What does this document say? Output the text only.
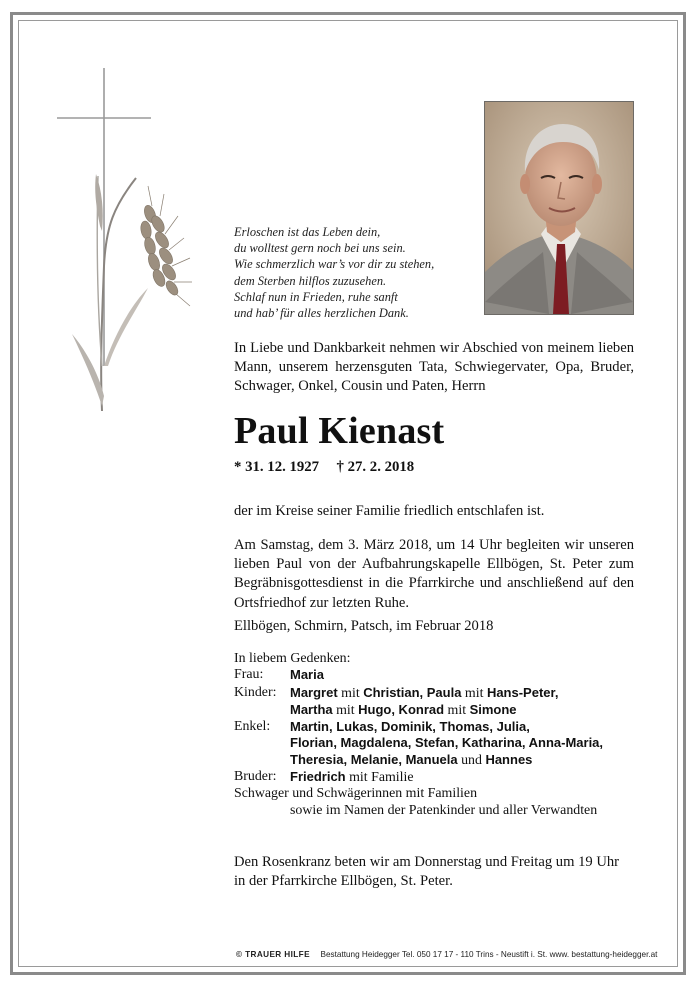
Erloschen ist das Leben dein,
du wolltest gern noch bei uns sein.
Wie schmerzlich war’s vor dir zu stehen,
dem Sterben hilflos zuzusehen.
Schlaf nun in Frieden, ruhe sanft
und hab’ für alles herzlichen Dank.
In Liebe und Dankbarkeit nehmen wir Abschied von meinem lieben Mann, unserem herzensguten Tata, Schwiegervater, Opa, Bruder, Schwager, Onkel, Cousin und Paten, Herrn
Paul Kienast
* 31. 12. 1927 † 27. 2. 2018
der im Kreise seiner Familie friedlich entschlafen ist.
Am Samstag, dem 3. März 2018, um 14 Uhr begleiten wir unseren lieben Paul von der Aufbahrungskapelle Ellbögen, St. Peter zum Begräbnisgottesdienst in die Pfarrkirche und anschließend auf den Ortsfriedhof zur letzten Ruhe.
Ellbögen, Schmirn, Patsch, im Februar 2018
In liebem Gedenken:
Frau:	Maria
Kinder:	Margret mit Christian, Paula mit Hans-Peter,
Martha mit Hugo, Konrad mit Simone
Enkel:	Martin, Lukas, Dominik, Thomas, Julia,
Florian, Magdalena, Stefan, Katharina, Anna-Maria,
Theresia, Melanie, Manuela und Hannes
Bruder:	Friedrich mit Familie
Schwager und Schwägerinnen mit Familien
sowie im Namen der Patenkinder und aller Verwandten
Den Rosenkranz beten wir am Donnerstag und Freitag um 19 Uhr in der Pfarrkirche Ellbögen, St. Peter.
© TRAUER HILFE Bestattung Heidegger Tel. 050 17 17 - 110 Trins - Neustift i. St. www. bestattung-heidegger.at
